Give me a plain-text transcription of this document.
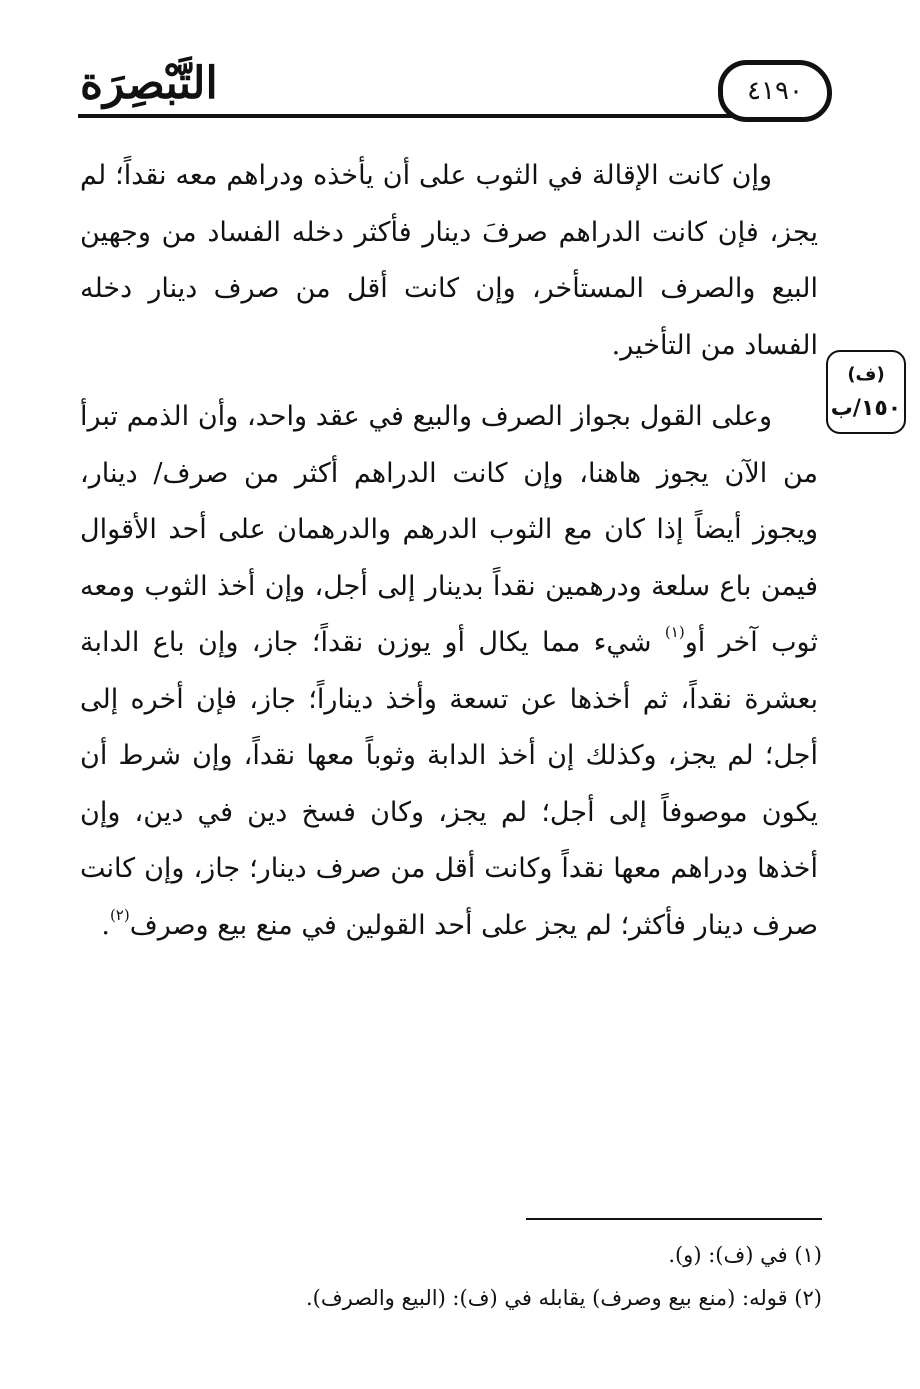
التَّبْصِرَة	٤١٩٠

وإن كانت الإقالة في الثوب على أن يأخذه ودراهم معه نقداً؛ لم يجز، فإن كانت الدراهم صرفَ دينار فأكثر دخله الفساد من وجهين البيع والصرف المستأخر، وإن كانت أقل من صرف دينار دخله الفساد من التأخير.

وعلى القول بجواز الصرف والبيع في عقد واحد، وأن الذمم تبرأ من الآن يجوز هاهنا، وإن كانت الدراهم أكثر من صرف/ دينار، ويجوز أيضاً إذا كان مع الثوب الدرهم والدرهمان على أحد الأقوال فيمن باع سلعة ودرهمين نقداً بدينار إلى أجل، وإن أخذ الثوب ومعه ثوب آخر أو$^{(١)}$ شيء مما يكال أو يوزن نقداً؛ جاز، وإن باع الدابة بعشرة نقداً، ثم أخذها عن تسعة وأخذ ديناراً؛ جاز، فإن أخره إلى أجل؛ لم يجز، وكذلك إن أخذ الدابة وثوباً معها نقداً، وإن شرط أن يكون موصوفاً إلى أجل؛ لم يجز، وكان فسخ دين في دين، وإن أخذها ودراهم معها نقداً وكانت أقل من صرف دينار؛ جاز، وإن كانت صرف دينار فأكثر؛ لم يجز على أحد القولين في منع بيع وصرف$^{(٢)}$.

(ف)
١٥٠/ب

(١) في (ف): (و).

(٢) قوله: (منع بيع وصرف) يقابله في (ف): (البيع والصرف).
